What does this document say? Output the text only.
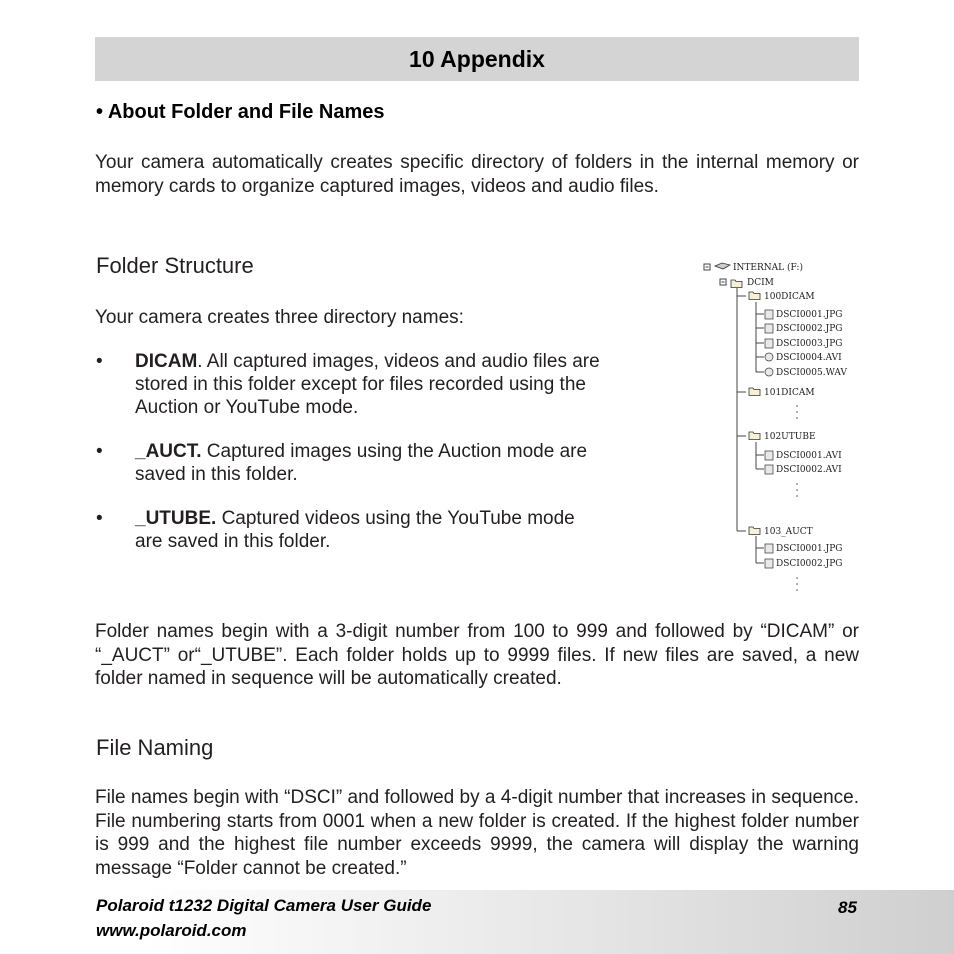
10 Appendix
• About Folder and File Names

Your camera automatically creates specific directory of folders in the internal memory or memory cards to organize captured images, videos and audio files.

Folder Structure

Your camera creates three directory names:

• DICAM. All captured images, videos and audio files are stored in this folder except for files recorded using the Auction or YouTube mode.
• _AUCT. Captured images using the Auction mode are saved in this folder.
• _UTUBE. Captured videos using the YouTube mode are saved in this folder.
INTERNAL (F:)
DCIM
100DICAM
101DICAM
102UTUBE
103_AUCT
DSCI0001.JPG
DSCI0002.JPG
DSCI0003.JPG
DSCI0004.AVI
DSCI0005.WAV
DSCI0001.AVI
DSCI0002.AVI
DSCI0001.JPG
DSCI0002.JPG

Folder names begin with a 3-digit number from 100 to 999 and followed by “DICAM” or “_AUCT” or“_UTUBE”. Each folder holds up to 9999 files. If new files are saved, a new folder named in sequence will be automatically created.

File Naming

File names begin with “DSCI” and followed by a 4-digit number that increases in sequence. File numbering starts from 0001 when a new folder is created. If the highest folder number is 999 and the highest file number exceeds 9999, the camera will display the warning message “Folder cannot be created.”

Polaroid t1232 Digital Camera User Guide
www.polaroid.com
85
